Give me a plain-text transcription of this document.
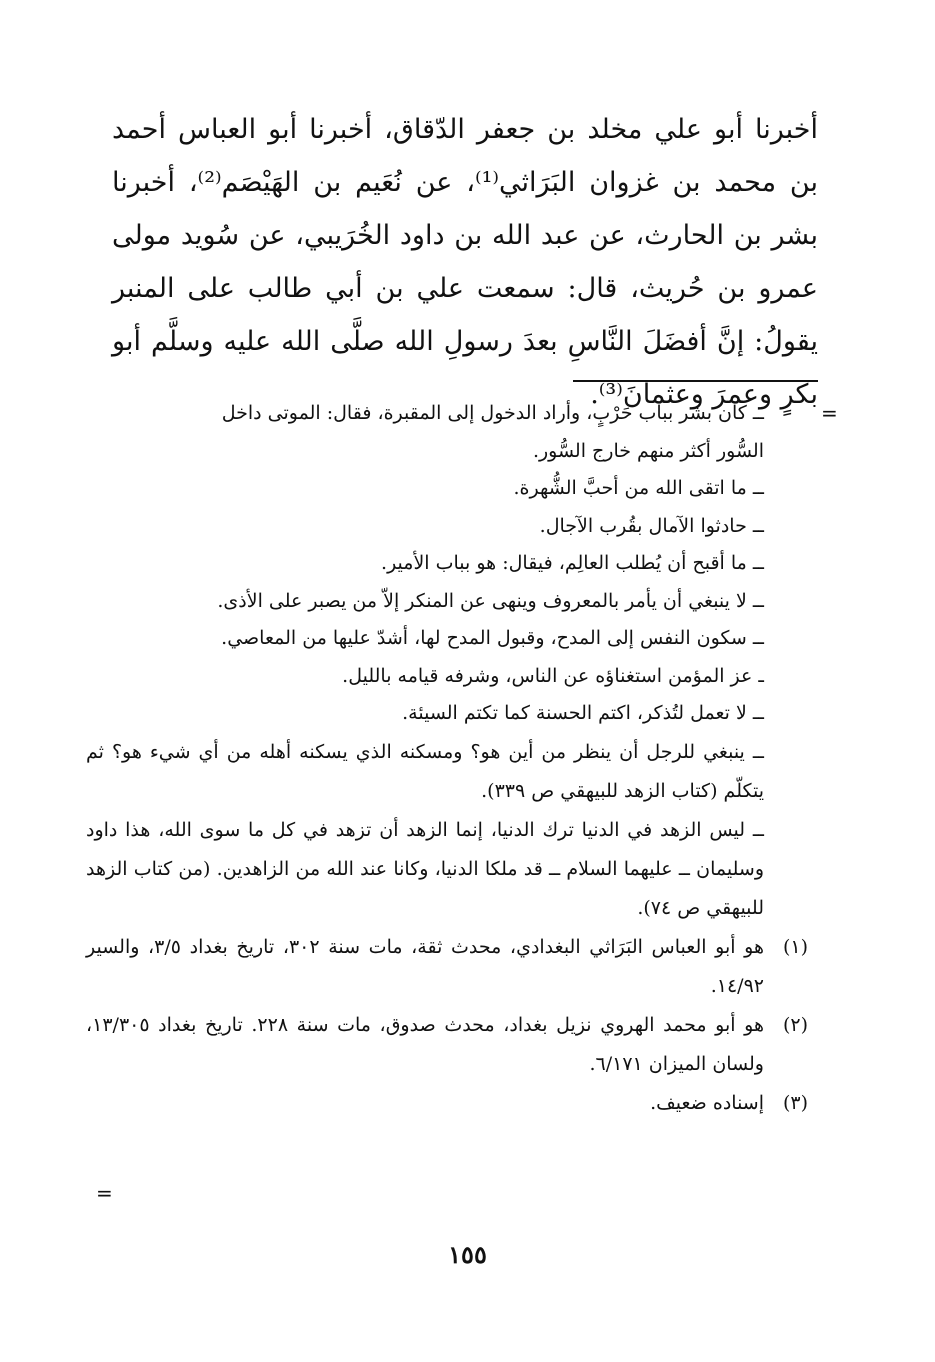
أخبرنا أبو علي مخلد بن جعفر الدّقاق، أخبرنا أبو العباس أحمد بن محمد بن غزوان البَرَاثي⁽¹⁾، عن نُعَيم بن الهَيْصَم⁽²⁾، أخبرنا بشر بن الحارث، عن عبد الله بن داود الخُرَيبي، عن سُويد مولى عمرو بن حُريث، قال: سمعت علي بن أبي طالب على المنبر يقولُ: إنَّ أفضَلَ النَّاسِ بعدَ رسولِ الله صلَّى الله عليه وسلَّم أبو بكرٍ وعمرَ وعثمانَ⁽³⁾.

=

ــ كان بشر بباب حَرْبٍ، وأراد الدخول إلى المقبرة، فقال: الموتى داخل

السُّور أكثر منهم خارج السُّور.

ــ ما اتقى الله من أحبَّ الشُّهرة.

ــ حادثوا الآمال بقُرب الآجال.

ــ ما أقبح أن يُطلب العالِم، فيقال: هو بباب الأمير.

ــ لا ينبغي أن يأمر بالمعروف وينهى عن المنكر إلاّ من يصبر على الأذى.

ــ سكون النفس إلى المدح، وقبول المدح لها، أشدّ عليها من المعاصي.

ـ عز المؤمن استغناؤه عن الناس، وشرفه قيامه بالليل.

ــ لا تعمل لتُذكر، اكتم الحسنة كما تكتم السيئة.

ــ ينبغي للرجل أن ينظر من أين هو؟ ومسكنه الذي يسكنه أهله من أي شيء هو؟ ثم يتكلّم (كتاب الزهد للبيهقي ص ٣٣٩).

ــ ليس الزهد في الدنيا ترك الدنيا، إنما الزهد أن تزهد في كل ما سوى الله، هذا داود وسليمان ــ عليهما السلام ــ قد ملكا الدنيا، وكانا عند الله من الزاهدين. (من كتاب الزهد للبيهقي ص ٧٤).

(١)
هو أبو العباس البَرَاثي البغدادي، محدث ثقة، مات سنة ٣٠٢، تاريخ بغداد ٣/٥، والسير ١٤/٩٢.
(٢)
هو أبو محمد الهروي نزيل بغداد، محدث صدوق، مات سنة ٢٢٨. تاريخ بغداد ١٣/٣٠٥، ولسان الميزان ٦/١٧١.
(٣)
إسناده ضعيف.
=
١٥٥
